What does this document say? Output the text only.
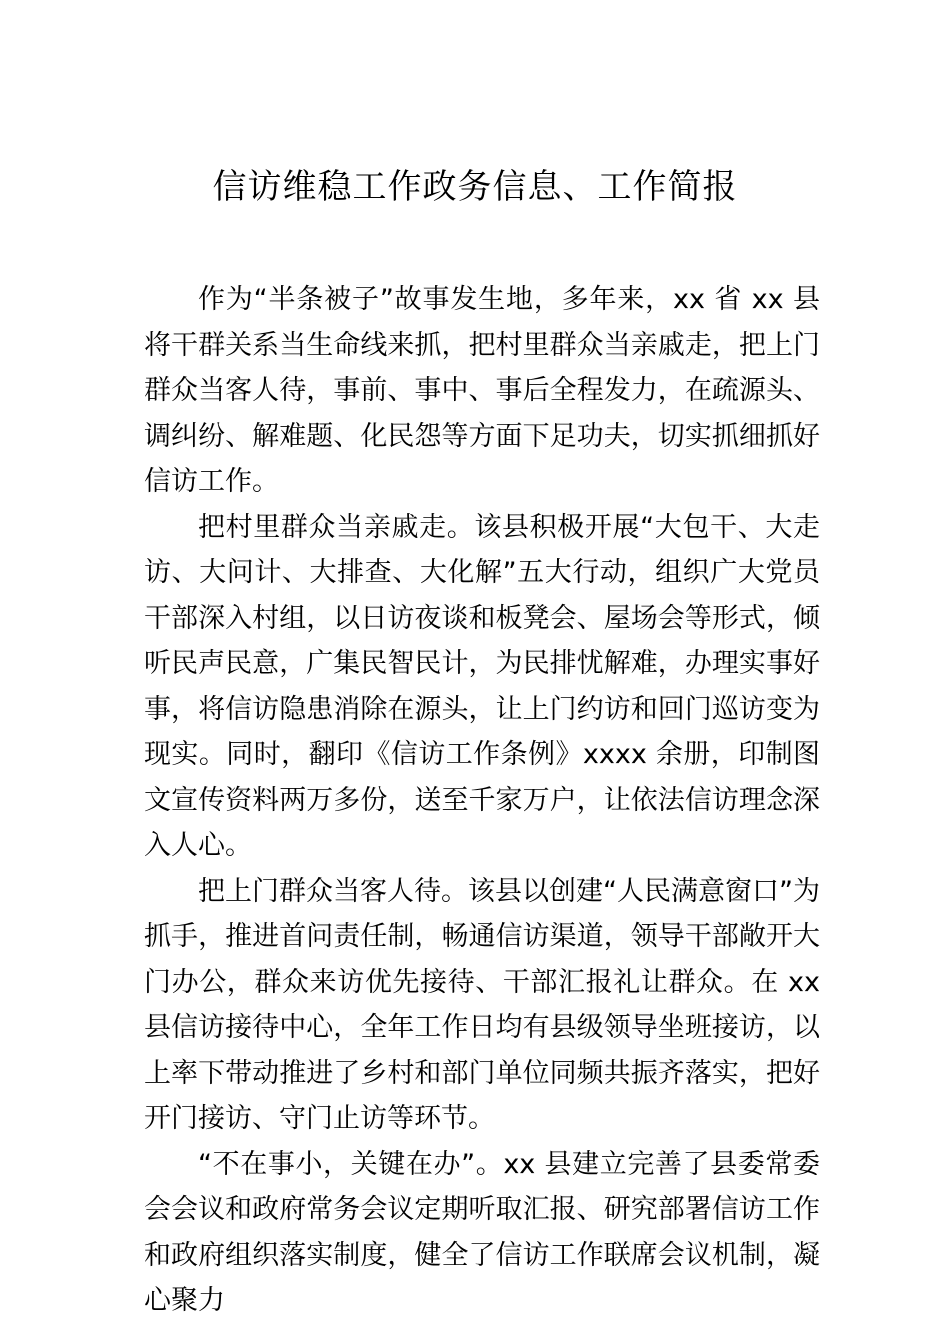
信访维稳工作政务信息、工作简报

作为“半条被子”故事发生地，多年来，xx 省 xx 县将干群关系当生命线来抓，把村里群众当亲戚走，把上门群众当客人待，事前、事中、事后全程发力，在疏源头、调纠纷、解难题、化民怨等方面下足功夫，切实抓细抓好信访工作。

把村里群众当亲戚走。该县积极开展“大包干、大走访、大问计、大排查、大化解”五大行动，组织广大党员干部深入村组，以日访夜谈和板凳会、屋场会等形式，倾听民声民意，广集民智民计，为民排忧解难，办理实事好事，将信访隐患消除在源头，让上门约访和回门巡访变为现实。同时，翻印《信访工作条例》xxxx 余册，印制图文宣传资料两万多份，送至千家万户，让依法信访理念深入人心。

把上门群众当客人待。该县以创建“人民满意窗口”为抓手，推进首问责任制，畅通信访渠道，领导干部敞开大门办公，群众来访优先接待、干部汇报礼让群众。在 xx 县信访接待中心，全年工作日均有县级领导坐班接访，以上率下带动推进了乡村和部门单位同频共振齐落实，把好开门接访、守门止访等环节。

“不在事小，关键在办”。xx 县建立完善了县委常委会会议和政府常务会议定期听取汇报、研究部署信访工作和政府组织落实制度，健全了信访工作联席会议机制，凝心聚力
